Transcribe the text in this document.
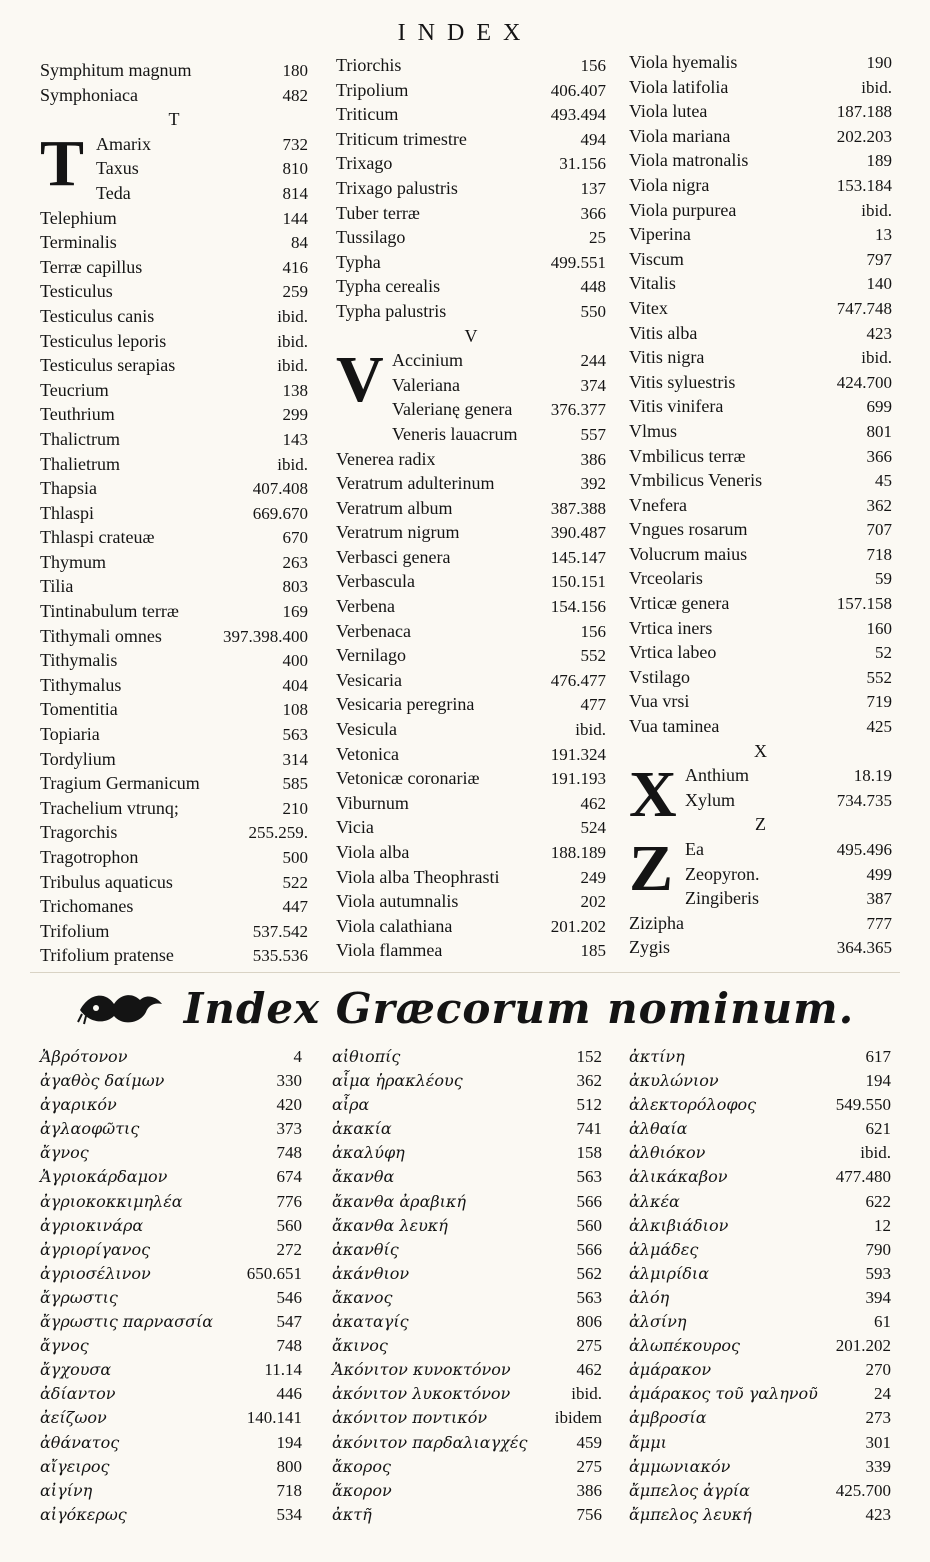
INDEX
Symphitum magnum	180
Symphoniaca	482
T
T Amarix	732
Taxus	810
Teda	814
Telephium	144
Terminalis	84
Terræ capillus	416
Testiculus	259
Testiculus canis	ibid.
Testiculus leporis	ibid.
Testiculus serapias	ibid.
Teucrium	138
Teuthrium	299
Thalictrum	143
Thalietrum	ibid.
Thapsia	407.408
Thlaspi	669.670
Thlaspi crateuæ	670
Thymum	263
Tilia	803
Tintinabulum terræ	169
Tithymali omnes	397.398.400
Tithymalis	400
Tithymalus	404
Tomentitia	108
Topiaria	563
Tordylium	314
Tragium Germanicum	585
Trachelium vtrunq;	210
Tragorchis	255.259.
Tragotrophon	500
Tribulus aquaticus	522
Trichomanes	447
Trifolium	537.542
Trifolium pratense	535.536
Triorchis	156
Tripolium	406.407
Triticum	493.494
Triticum trimestre	494
Trixago	31.156
Trixago palustris	137
Tuber terræ	366
Tussilago	25
Typha	499.551
Typha cerealis	448
Typha palustris	550
V
V Accinium	244
Valeriana	374
Valerianę genera 376.377
Veneris lauacrum	557
Venerea radix	386
Veratrum adulterinum	392
Veratrum album	387.388
Veratrum nigrum	390.487
Verbasci genera	145.147
Verbascula	150.151
Verbena	154.156
Verbenaca	156
Vernilago	552
Vesicaria	476.477
Vesicaria peregrina	477
Vesicula	ibid.
Vetonica	191.324
Vetonicæ coronariæ	191.193
Viburnum	462
Vicia	524
Viola alba	188.189
Viola alba Theophrasti	249
Viola autumnalis	202
Viola calathiana	201.202
Viola flammea	185
Viola hyemalis	190
Viola latifolia	ibid.
Viola lutea	187.188
Viola mariana	202.203
Viola matronalis	189
Viola nigra	153.184
Viola purpurea	ibid.
Viperina	13
Viscum	797
Vitalis	140
Vitex	747.748
Vitis alba	423
Vitis nigra	ibid.
Vitis syluestris	424.700
Vitis vinifera	699
Vlmus	801
Vmbilicus terræ	366
Vmbilicus Veneris	45
Vnefera	362
Vngues rosarum	707
Volucrum maius	718
Vrceolaris	59
Vrticæ genera	157.158
Vrtica iners	160
Vrtica labeo	52
Vstilago	552
Vua vrsi	719
Vua taminea	425
X
X Anthium	18.19
Xylum	734.735
Z
Z Ea	495.496
Zeopyron.	499
Zingiberis	387
Zizipha	777
Zygis	364.365
Index Græcorum nominum.
Ἀβρότονον	4
ἀγαθὸς δαίμων	330
ἀγαρικόν	420
ἀγλαοφῶτις	373
ἄγνος	748
Ἀγριοκάρδαμον	674
ἀγριοκοκκιμηλέα	776
ἀγριοκινάρα	560
ἀγριορίγανος	272
ἀγριοσέλινον	650.651
ἄγρωστις	546
ἄγρωστις παρνασσία	547
ἄγνος	748
ἄγχουσα	11.14
ἀδίαντον	446
ἀείζωον	140.141
ἀθάνατος	194
αἴγειρος	800
αἰγίνη	718
αἰγόκερως	534
αἰθιοπίς	152
αἷμα ἡρακλέους	362
αἶρα	512
ἀκακία	741
ἀκαλύφη	158
ἄκανθα	563
ἄκανθα ἀραβική	566
ἄκανθα λευκή	560
ἀκανθίς	566
ἀκάνθιον	562
ἄκανος	563
ἀκαταγίς	806
ἄκινος	275
Ἀκόνιτον κυνοκτόνον	462
ἀκόνιτον λυκοκτόνον	ibid.
ἀκόνιτον ποντικόν	ibidem
ἀκόνιτον παρδαλιαγχές	459
ἄκορος	275
ἄκορον	386
ἀκτῆ	756
ἀκτίνη	617
ἀκυλώνιον	194
ἀλεκτορόλοφος	549.550
ἀλθαία	621
ἀλθιόκον	ibid.
ἁλικάκαβον	477.480
ἀλκέα	622
ἀλκιβιάδιον	12
ἁλμάδες	790
ἁλμιρίδια	593
ἀλόη	394
ἀλσίνη	61
ἀλωπέκουρος	201.202
ἀμάρακον	270
ἀμάρακος τοῦ γαληνοῦ	24
ἀμβροσία	273
ἄμμι	301
ἀμμωνιακόν	339
ἄμπελος ἀγρία	425.700
ἄμπελος λευκή	423
